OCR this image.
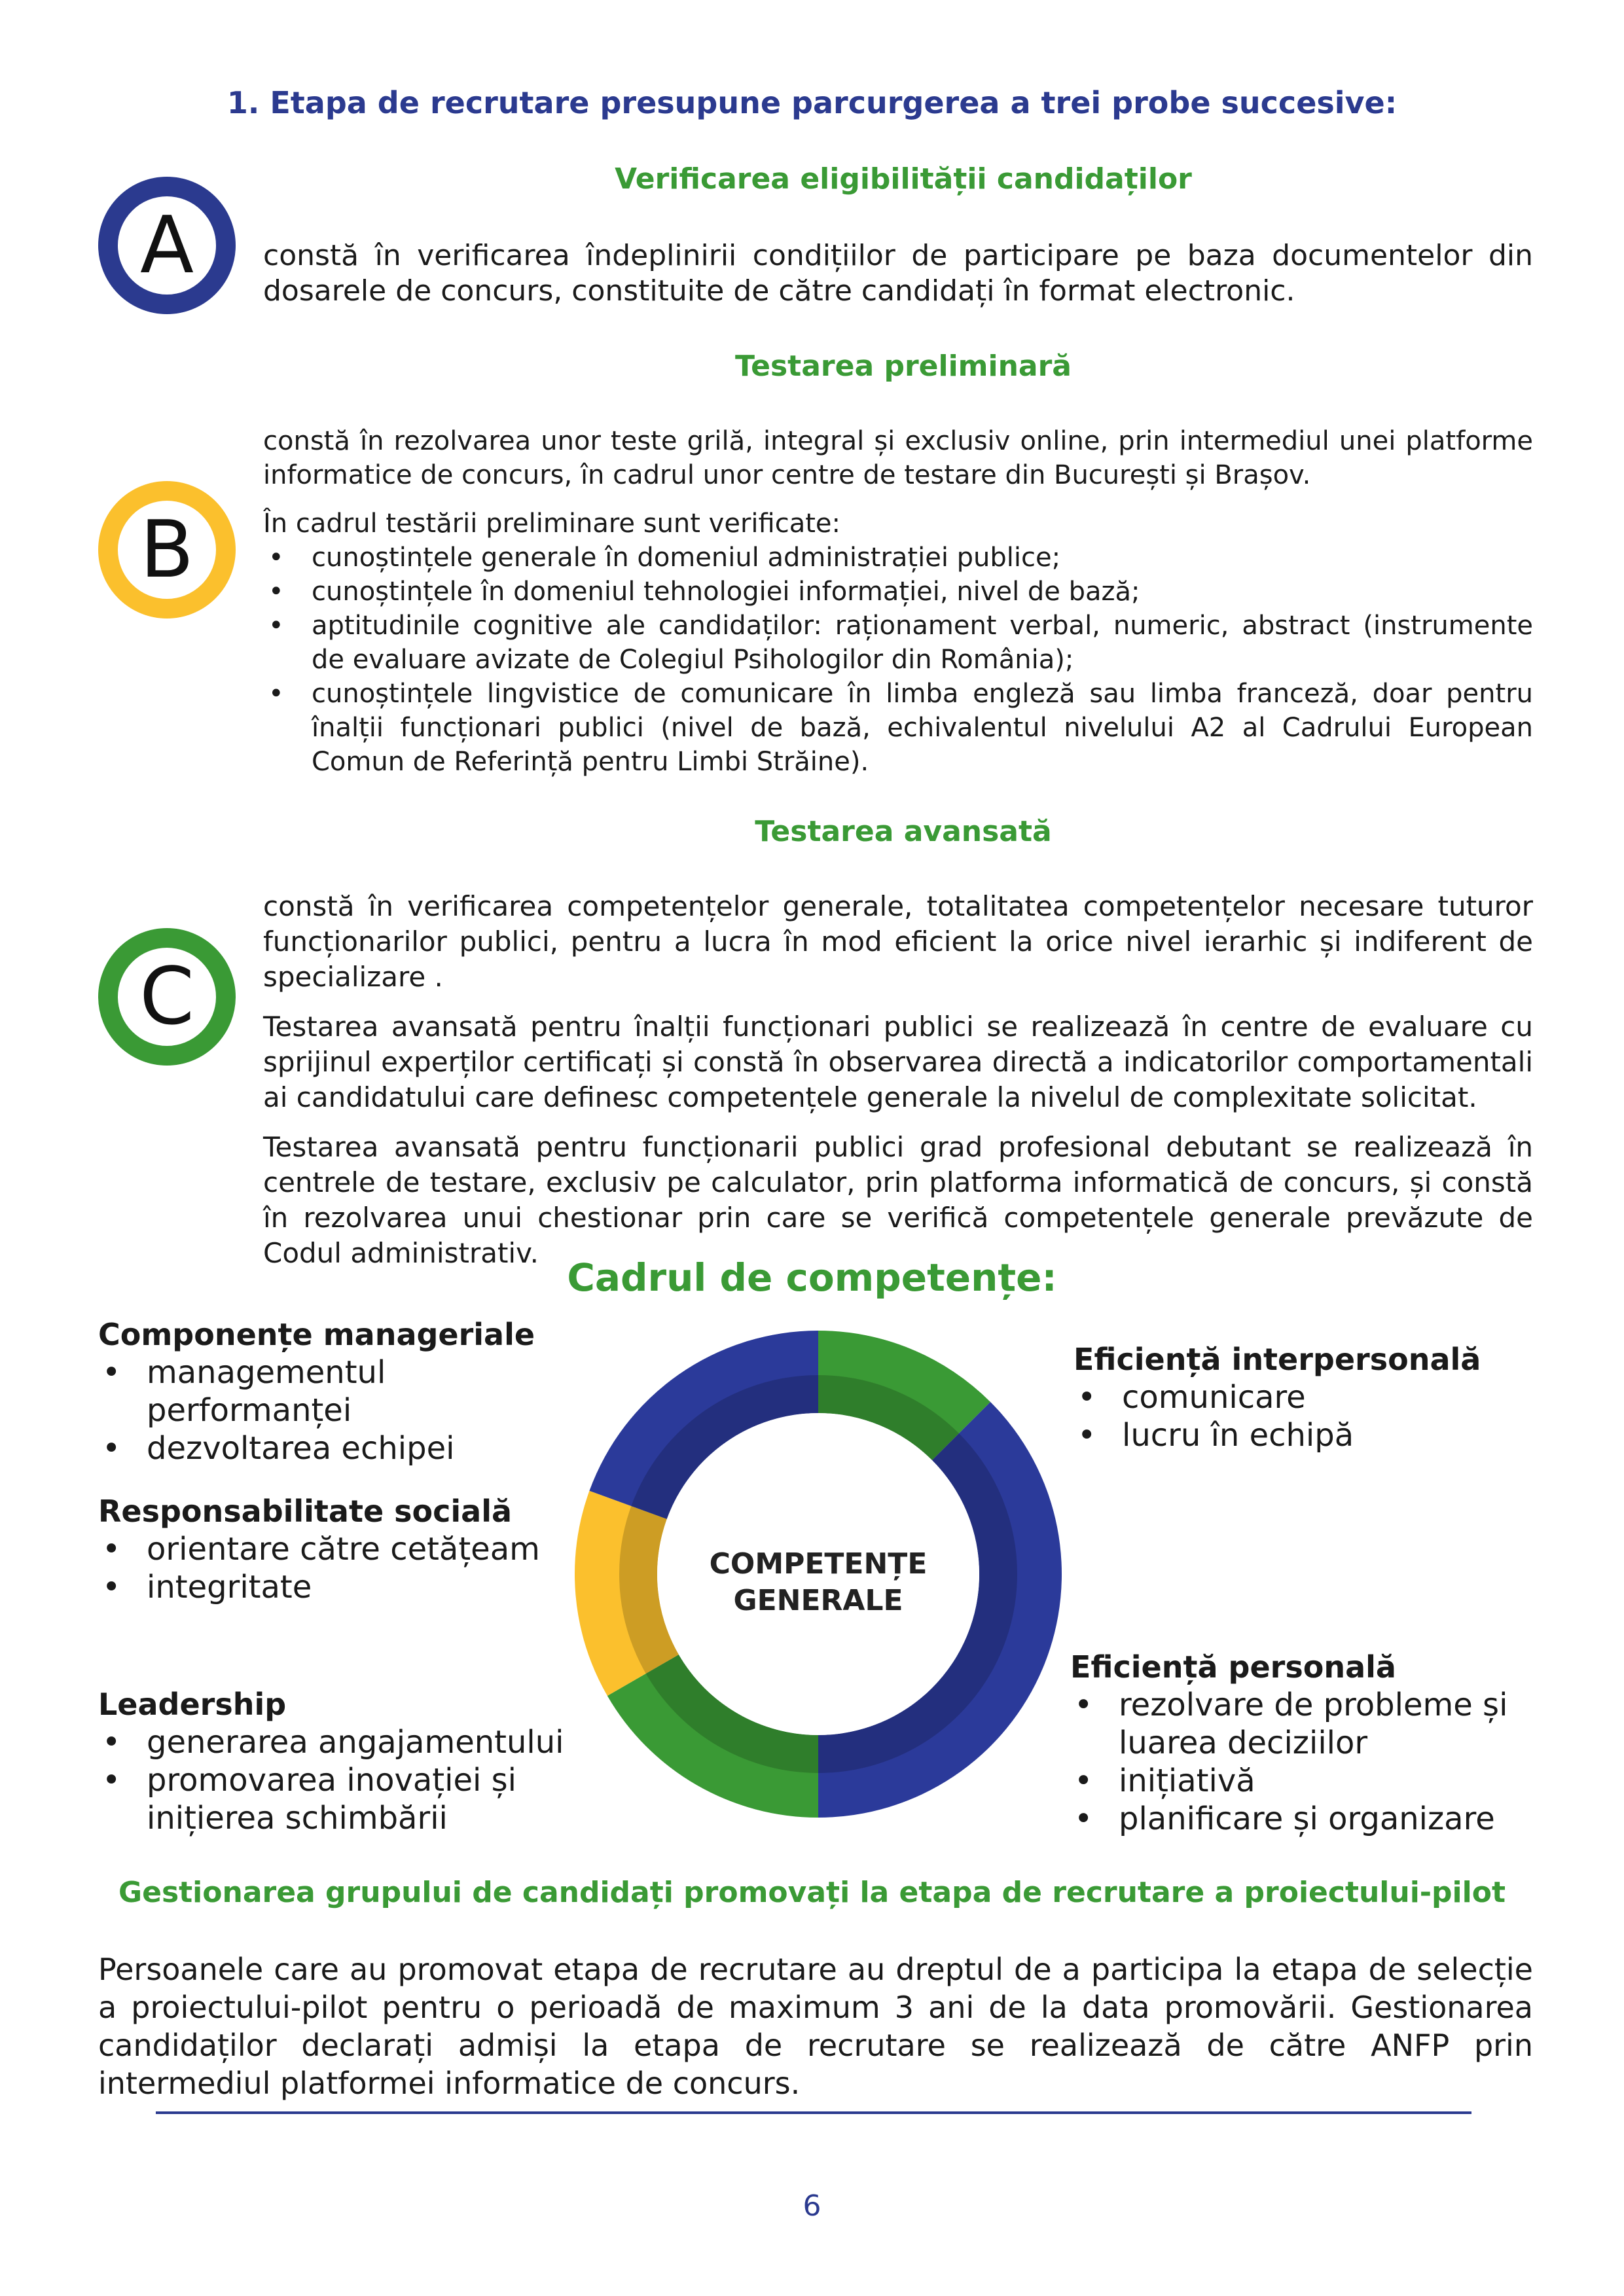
1. Etapa de recrutare presupune parcurgerea a trei probe succesive:
Verificarea eligibilității candidaților
A constă în verificarea îndeplinirii condițiilor de participare pe baza documentelor din dosarele de concurs, constituite de către candidați în format electronic.
Testarea preliminară
B
constă în rezolvarea unor teste grilă, integral și exclusiv online, prin intermediul unei platforme informatice de concurs, în cadrul unor centre de testare din București și Brașov.
În cadrul testării preliminare sunt verificate:
• cunoștințele generale în domeniul administrației publice;
• cunoștințele în domeniul tehnologiei informației, nivel de bază;
• aptitudinile cognitive ale candidaților: raționament verbal, numeric, abstract (instrumente de evaluare avizate de Colegiul Psihologilor din România);
• cunoștințele lingvistice de comunicare în limba engleză sau limba franceză, doar pentru înalții funcționari publici (nivel de bază, echivalentul nivelului A2 al Cadrului European Comun de Referință pentru Limbi Străine).
Testarea avansată
C
constă în verificarea competențelor generale, totalitatea competențelor necesare tuturor funcționarilor publici, pentru a lucra în mod eficient la orice nivel ierarhic și indiferent de specializare .
Testarea avansată pentru înalții funcționari publici se realizează în centre de evaluare cu sprijinul experților certificați și constă în observarea directă a indicatorilor comportamentali ai candidatului care definesc competențele generale la nivelul de complexitate solicitat.
Testarea avansată pentru funcționarii publici grad profesional debutant se realizează în centrele de testare, exclusiv pe calculator, prin platforma informatică de concurs, și constă în rezolvarea unui chestionar prin care se verifică competențele generale prevăzute de Codul administrativ.
Cadrul de competențe:
COMPETENȚE
GENERALE
Componențe manageriale
• managementul performanței
• dezvoltarea echipei
Responsabilitate socială
• orientare către cetățeam
• integritate
Leadership
• generarea angajamentului
• promovarea inovației și inițierea schimbării
Eficiență interpersonală
• comunicare
• lucru în echipă
Eficiență personală
• rezolvare de probleme și luarea deciziilor
• inițiativă
• planificare și organizare
Gestionarea grupului de candidați promovați la etapa de recrutare a proiectului-pilot
Persoanele care au promovat etapa de recrutare au dreptul de a participa la etapa de selecție a proiectului-pilot pentru o perioadă de maximum 3 ani de la data promovării. Gestionarea candidaților declarați admiși la etapa de recrutare se realizează de către ANFP prin intermediul platformei informatice de concurs.
6
